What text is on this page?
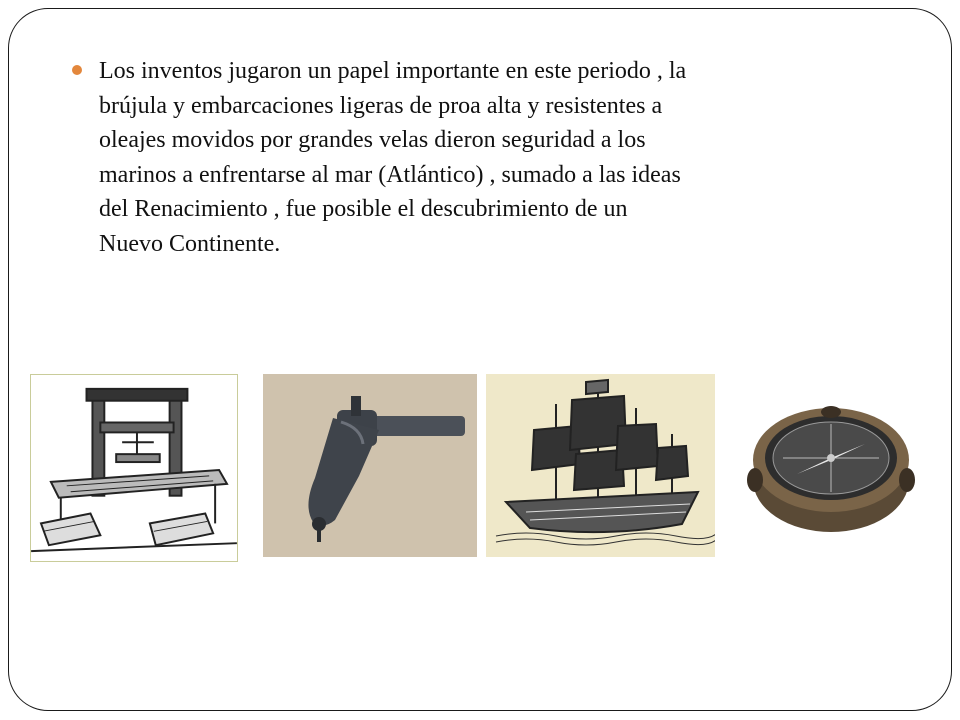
Los inventos jugaron un papel importante en este periodo , la
brújula y embarcaciones ligeras de proa alta y resistentes a
oleajes movidos por grandes velas dieron seguridad a los
marinos a enfrentarse al mar (Atlántico) , sumado a las ideas
del Renacimiento , fue posible el descubrimiento de un
Nuevo Continente.
